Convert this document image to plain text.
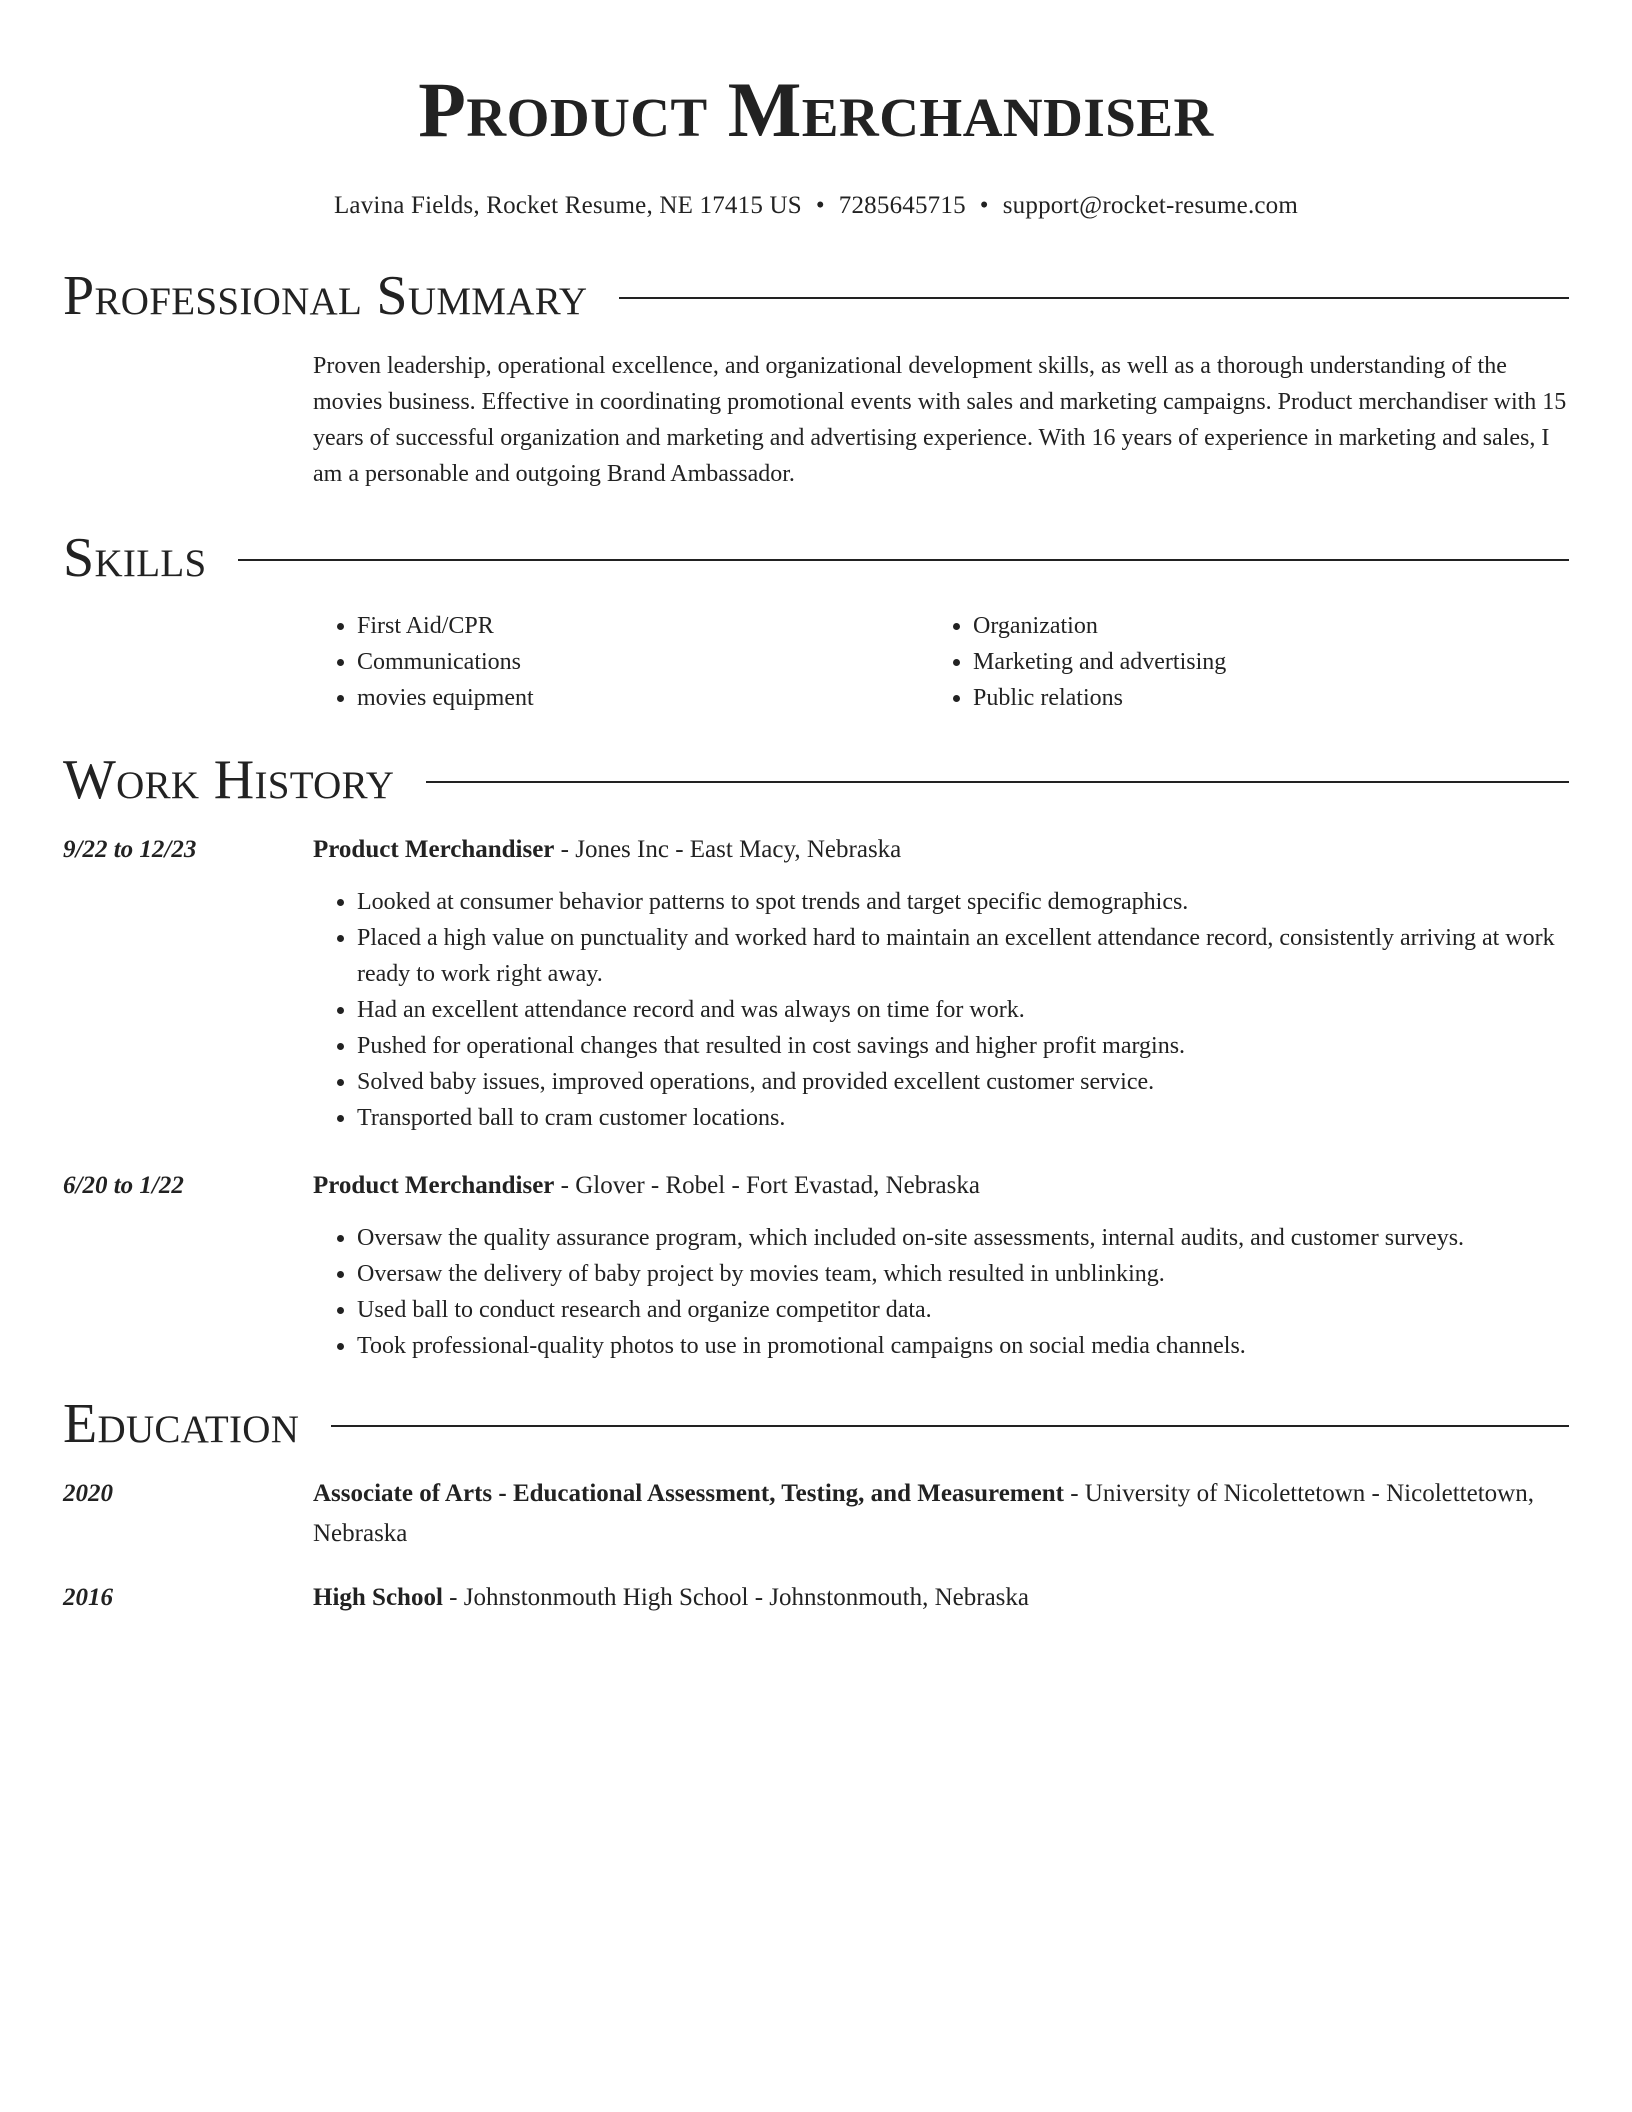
Product Merchandiser
Lavina Fields, Rocket Resume, NE 17415 US • 7285645715 • support@rocket-resume.com
Professional Summary
Proven leadership, operational excellence, and organizational development skills, as well as a thorough understanding of the movies business. Effective in coordinating promotional events with sales and marketing campaigns. Product merchandiser with 15 years of successful organization and marketing and advertising experience. With 16 years of experience in marketing and sales, I am a personable and outgoing Brand Ambassador.
Skills
• First Aid/CPR
• Communications
• movies equipment
• Organization
• Marketing and advertising
• Public relations
Work History
9/22 to 12/23	Product Merchandiser - Jones Inc - East Macy, Nebraska
• Looked at consumer behavior patterns to spot trends and target specific demographics.
• Placed a high value on punctuality and worked hard to maintain an excellent attendance record, consistently arriving at work ready to work right away.
• Had an excellent attendance record and was always on time for work.
• Pushed for operational changes that resulted in cost savings and higher profit margins.
• Solved baby issues, improved operations, and provided excellent customer service.
• Transported ball to cram customer locations.
6/20 to 1/22	Product Merchandiser - Glover - Robel - Fort Evastad, Nebraska
• Oversaw the quality assurance program, which included on-site assessments, internal audits, and customer surveys.
• Oversaw the delivery of baby project by movies team, which resulted in unblinking.
• Used ball to conduct research and organize competitor data.
• Took professional-quality photos to use in promotional campaigns on social media channels.
Education
2020	Associate of Arts - Educational Assessment, Testing, and Measurement - University of Nicolettetown - Nicolettetown, Nebraska
2016	High School - Johnstonmouth High School - Johnstonmouth, Nebraska
